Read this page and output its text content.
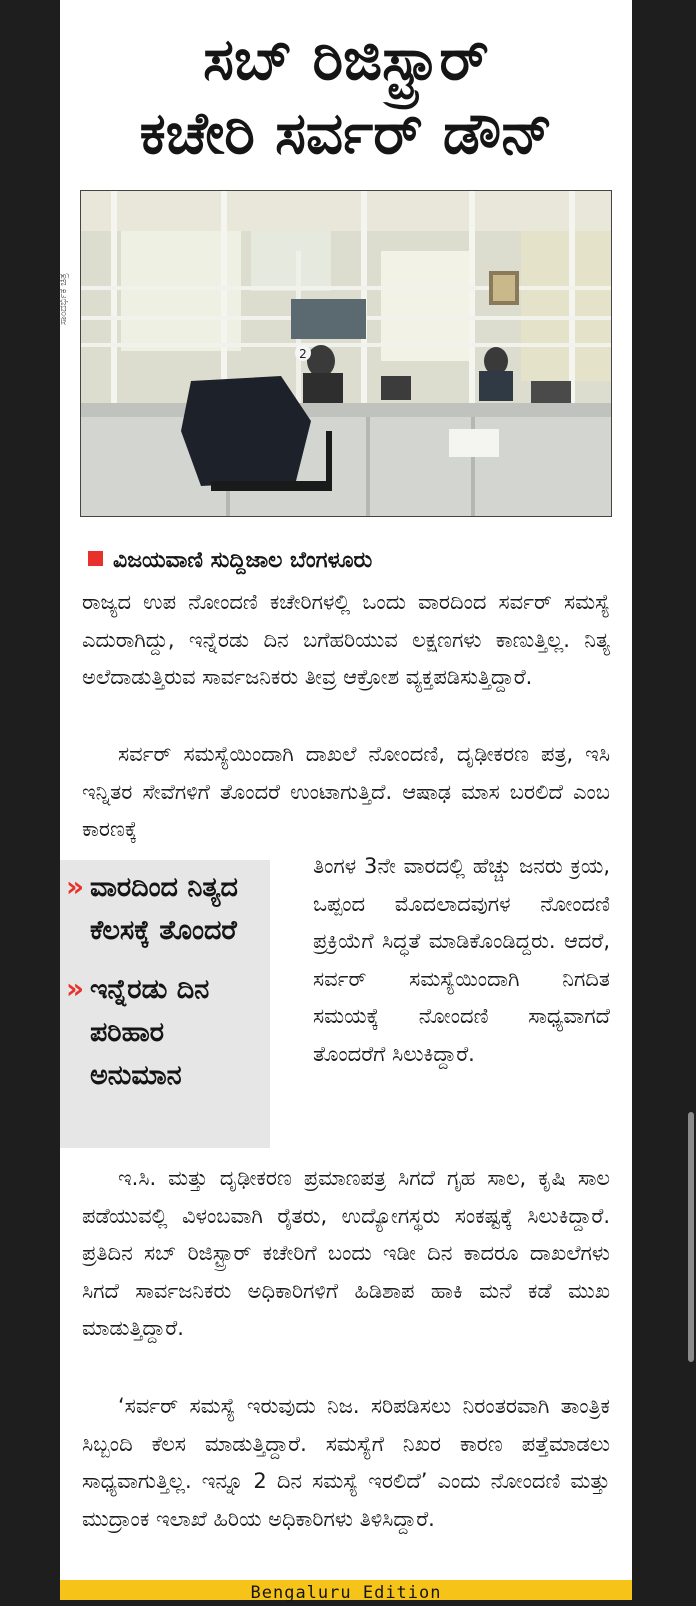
ಸಬ್ ರಿಜಿಸ್ಟ್ರಾರ್
ಕಚೇರಿ ಸರ್ವರ್ ಡೌನ್
ಸಾಂದರ್ಭಿಕ ಚಿತ್ರ
2
ವಿಜಯವಾಣಿ ಸುದ್ದಿಜಾಲ ಬೆಂಗಳೂರು

ರಾಜ್ಯದ ಉಪ ನೋಂದಣಿ ಕಚೇರಿಗಳಲ್ಲಿ ಒಂದು ವಾರದಿಂದ ಸರ್ವರ್ ಸಮಸ್ಯೆ ಎದುರಾಗಿದ್ದು, ಇನ್ನೆರಡು ದಿನ ಬಗೆಹರಿಯುವ ಲಕ್ಷಣಗಳು ಕಾಣುತ್ತಿಲ್ಲ. ನಿತ್ಯ ಅಲೆದಾಡುತ್ತಿರುವ ಸಾರ್ವಜನಿಕರು ತೀವ್ರ ಆಕ್ರೋಶ ವ್ಯಕ್ತಪಡಿಸುತ್ತಿದ್ದಾರೆ.

ಸರ್ವರ್ ಸಮಸ್ಯೆಯಿಂದಾಗಿ ದಾಖಲೆ ನೋಂದಣಿ, ದೃಢೀಕರಣ ಪತ್ರ, ಇಸಿ ಇನ್ನಿತರ ಸೇವೆಗಳಿಗೆ ತೊಂದರೆ ಉಂಟಾಗುತ್ತಿದೆ. ಆಷಾಢ ಮಾಸ ಬರಲಿದೆ ಎಂಬ ಕಾರಣಕ್ಕೆ

» ವಾರದಿಂದ ನಿತ್ಯದ ಕೆಲಸಕ್ಕೆ ತೊಂದರೆ
» ಇನ್ನೆರಡು ದಿನ ಪರಿಹಾರ ಅನುಮಾನ

ತಿಂಗಳ 3ನೇ ವಾರದಲ್ಲಿ ಹೆಚ್ಚು ಜನರು ಕ್ರಯ, ಒಪ್ಪಂದ ಮೊದಲಾದವುಗಳ ನೋಂದಣಿ ಪ್ರಕ್ರಿಯೆಗೆ ಸಿದ್ಧತೆ ಮಾಡಿಕೊಂಡಿದ್ದರು. ಆದರೆ, ಸರ್ವರ್ ಸಮಸ್ಯೆಯಿಂದಾಗಿ ನಿಗದಿತ ಸಮಯಕ್ಕೆ ನೋಂದಣಿ ಸಾಧ್ಯವಾಗದೆ ತೊಂದರೆಗೆ ಸಿಲುಕಿದ್ದಾರೆ.

ಇ.ಸಿ. ಮತ್ತು ದೃಢೀಕರಣ ಪ್ರಮಾಣಪತ್ರ ಸಿಗದೆ ಗೃಹ ಸಾಲ, ಕೃಷಿ ಸಾಲ ಪಡೆಯುವಲ್ಲಿ ವಿಳಂಬವಾಗಿ ರೈತರು, ಉದ್ಯೋಗಸ್ಥರು ಸಂಕಷ್ಟಕ್ಕೆ ಸಿಲುಕಿದ್ದಾರೆ. ಪ್ರತಿದಿನ ಸಬ್ ರಿಜಿಸ್ಟ್ರಾರ್ ಕಚೇರಿಗೆ ಬಂದು ಇಡೀ ದಿನ ಕಾದರೂ ದಾಖಲೆಗಳು ಸಿಗದೆ ಸಾರ್ವಜನಿಕರು ಅಧಿಕಾರಿಗಳಿಗೆ ಹಿಡಿಶಾಪ ಹಾಕಿ ಮನೆ ಕಡೆ ಮುಖ ಮಾಡುತ್ತಿದ್ದಾರೆ.

‘ಸರ್ವರ್ ಸಮಸ್ಯೆ ಇರುವುದು ನಿಜ. ಸರಿಪಡಿಸಲು ನಿರಂತರವಾಗಿ ತಾಂತ್ರಿಕ ಸಿಬ್ಬಂದಿ ಕೆಲಸ ಮಾಡುತ್ತಿದ್ದಾರೆ. ಸಮಸ್ಯೆಗೆ ನಿಖರ ಕಾರಣ ಪತ್ತೆಮಾಡಲು ಸಾಧ್ಯವಾಗುತ್ತಿಲ್ಲ. ಇನ್ನೂ 2 ದಿನ ಸಮಸ್ಯೆ ಇರಲಿದೆ’ ಎಂದು ನೋಂದಣಿ ಮತ್ತು ಮುದ್ರಾಂಕ ಇಲಾಖೆ ಹಿರಿಯ ಅಧಿಕಾರಿಗಳು ತಿಳಿಸಿದ್ದಾರೆ.

Bengaluru Edition
